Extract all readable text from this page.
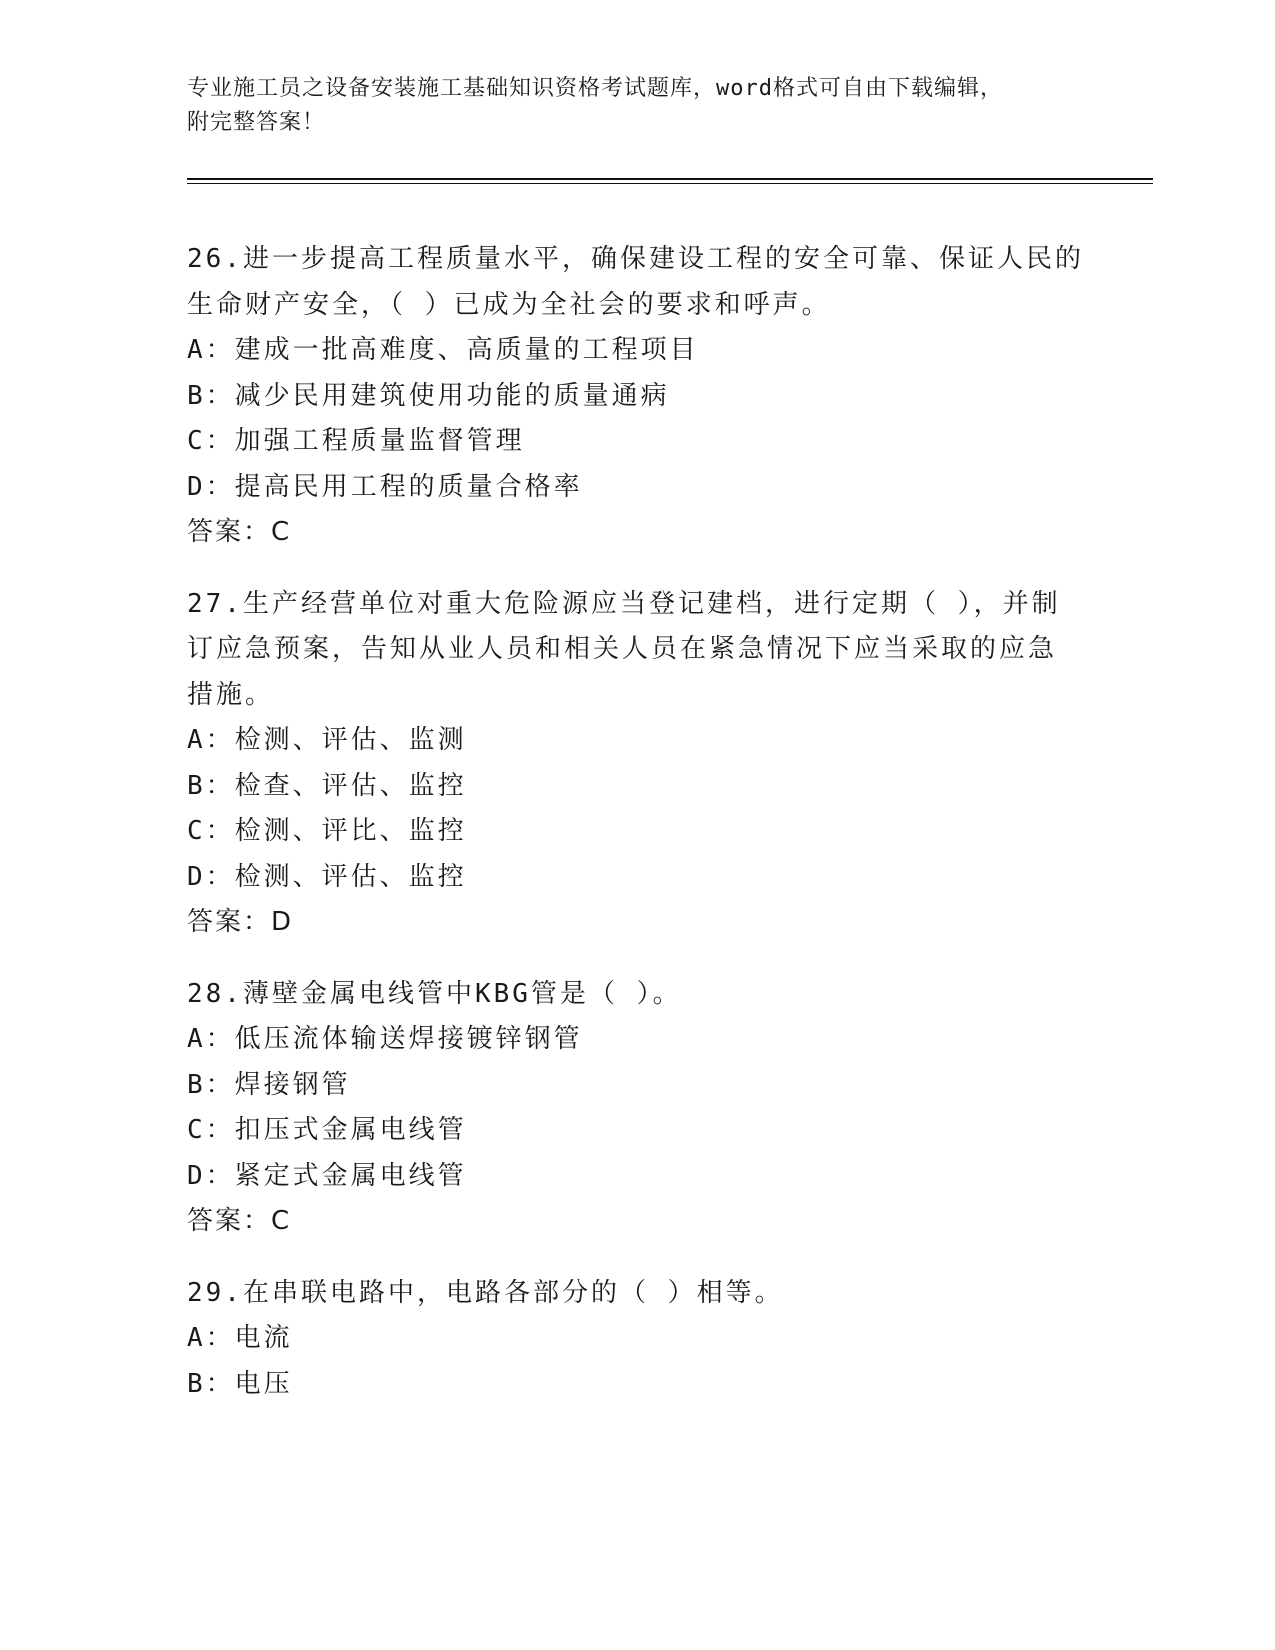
专业施工员之设备安装施工基础知识资格考试题库，word格式可自由下载编辑，

附完整答案！

26.进一步提高工程质量水平，确保建设工程的安全可靠、保证人民的

生命财产安全，（ ）已成为全社会的要求和呼声。

A：建成一批高难度、高质量的工程项目

B：减少民用建筑使用功能的质量通病

C：加强工程质量监督管理

D：提高民用工程的质量合格率

答案：C

27.生产经营单位对重大危险源应当登记建档，进行定期（ ），并制

订应急预案，告知从业人员和相关人员在紧急情况下应当采取的应急

措施。

A：检测、评估、监测

B：检查、评估、监控

C：检测、评比、监控

D：检测、评估、监控

答案：D

28.薄壁金属电线管中KBG管是（ ）。

A：低压流体输送焊接镀锌钢管

B：焊接钢管

C：扣压式金属电线管

D：紧定式金属电线管

答案：C

29.在串联电路中，电路各部分的（ ）相等。

A：电流

B：电压
